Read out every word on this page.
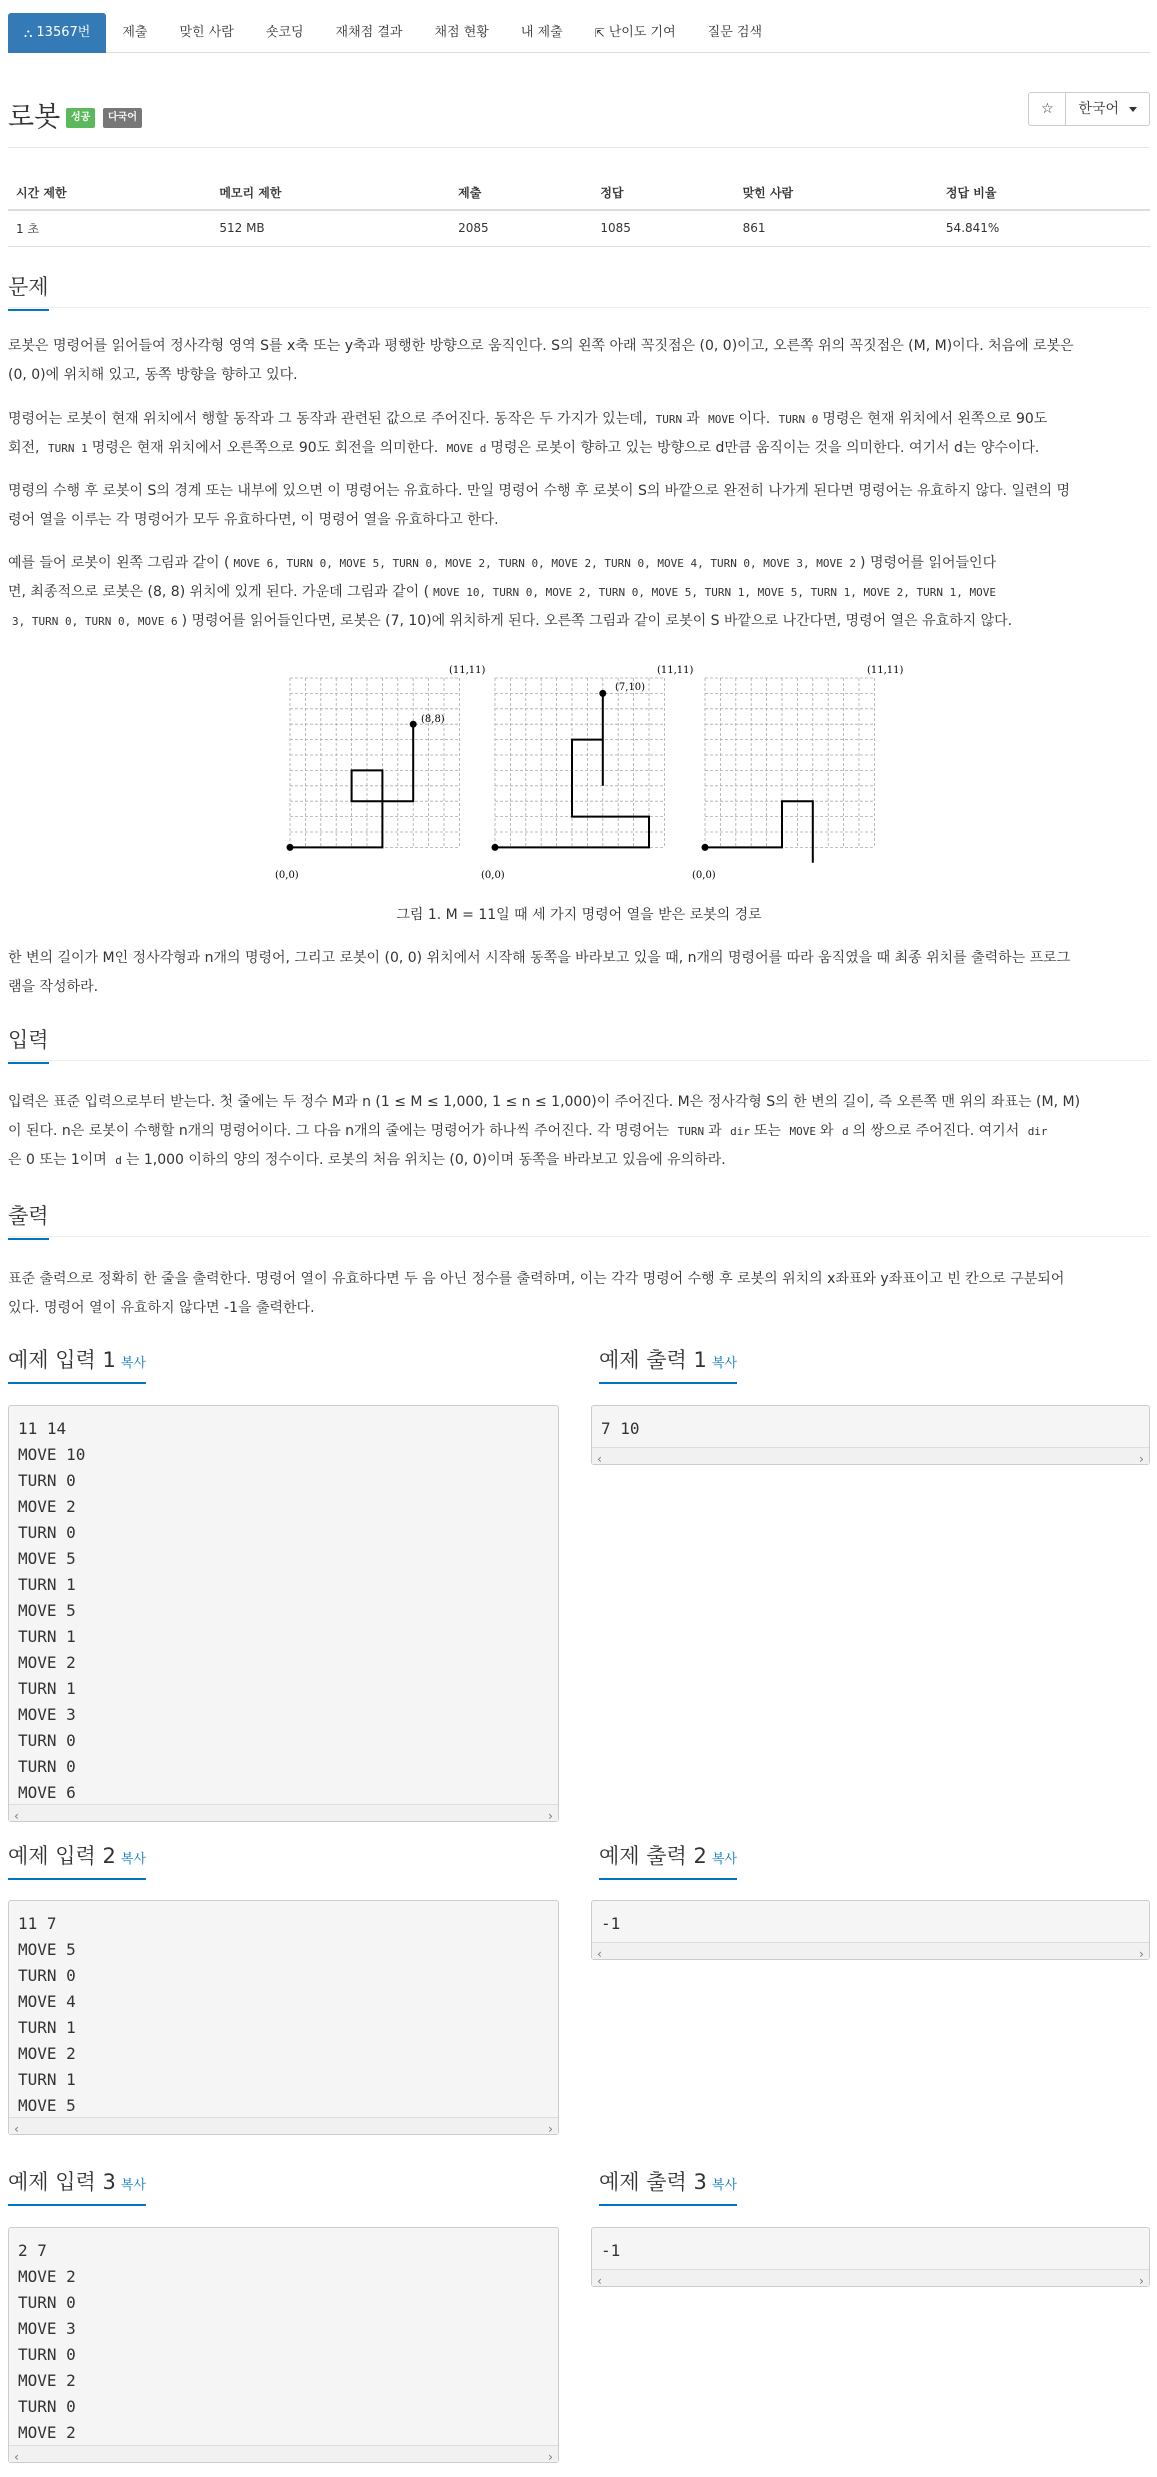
⛬ 13567번 제출 맞힌 사람 숏코딩 재채점 결과 채점 현황 내 제출	⇱ 난이도 기여 질문 검색
로봇	성공	다국어
☆	한국어
시간 제한	메모리 제한	제출	정답	맞힌 사람	정답 비율
1 초	512 MB	2085	1085	861	54.841%
문제
로봇은 명령어를 읽어들여 정사각형 영역 S를 x축 또는 y축과 평행한 방향으로 움직인다. S의 왼쪽 아래 꼭짓점은 (0, 0)이고, 오른쪽 위의 꼭짓점은 (M, M)이다. 처음에 로봇은
(0, 0)에 위치해 있고, 동쪽 방향을 향하고 있다.
명령어는 로봇이 현재 위치에서 행할 동작과 그 동작과 관련된 값으로 주어진다. 동작은 두 가지가 있는데, TURN 과 MOVE 이다. TURN 0 명령은 현재 위치에서 왼쪽으로 90도
회전, TURN 1 명령은 현재 위치에서 오른쪽으로 90도 회전을 의미한다. MOVE d 명령은 로봇이 향하고 있는 방향으로 d만큼 움직이는 것을 의미한다. 여기서 d는 양수이다.
명령의 수행 후 로봇이 S의 경계 또는 내부에 있으면 이 명령어는 유효하다. 만일 명령어 수행 후 로봇이 S의 바깥으로 완전히 나가게 된다면 명령어는 유효하지 않다. 일련의 명
령어 열을 이루는 각 명령어가 모두 유효하다면, 이 명령어 열을 유효하다고 한다.
예를 들어 로봇이 왼쪽 그림과 같이 ( MOVE 6, TURN 0, MOVE 5, TURN 0, MOVE 2, TURN 0, MOVE 2, TURN 0, MOVE 4, TURN 0, MOVE 3, MOVE 2 ) 명령어를 읽어들인다
면, 최종적으로 로봇은 (8, 8) 위치에 있게 된다. 가운데 그림과 같이 ( MOVE 10, TURN 0, MOVE 2, TURN 0, MOVE 5, TURN 1, MOVE 5, TURN 1, MOVE 2, TURN 1, MOVE
3, TURN 0, TURN 0, MOVE 6 ) 명령어를 읽어들인다면, 로봇은 (7, 10)에 위치하게 된다. 오른쪽 그림과 같이 로봇이 S 바깥으로 나간다면, 명령어 열은 유효하지 않다.
(11,11)	(11,11)	(11,11)
(0,0)	(0,0)	(0,0)
(8,8)
(7,10)
그림 1. M = 11일 때 세 가지 명령어 열을 받은 로봇의 경로
한 변의 길이가 M인 정사각형과 n개의 명령어, 그리고 로봇이 (0, 0) 위치에서 시작해 동쪽을 바라보고 있을 때, n개의 명령어를 따라 움직였을 때 최종 위치를 출력하는 프로그
램을 작성하라.
입력
입력은 표준 입력으로부터 받는다. 첫 줄에는 두 정수 M과 n (1 ≤ M ≤ 1,000, 1 ≤ n ≤ 1,000)이 주어진다. M은 정사각형 S의 한 변의 길이, 즉 오른쪽 맨 위의 좌표는 (M, M)
이 된다. n은 로봇이 수행할 n개의 명령어이다. 그 다음 n개의 줄에는 명령어가 하나씩 주어진다. 각 명령어는 TURN 과 dir 또는 MOVE 와 d 의 쌍으로 주어진다. 여기서 dir
은 0 또는 1이며 d 는 1,000 이하의 양의 정수이다. 로봇의 처음 위치는 (0, 0)이며 동쪽을 바라보고 있음에 유의하라.
출력
표준 출력으로 정확히 한 줄을 출력한다. 명령어 열이 유효하다면 두 음 아닌 정수를 출력하며, 이는 각각 명령어 수행 후 로봇의 위치의 x좌표와 y좌표이고 빈 칸으로 구분되어
있다. 명령어 열이 유효하지 않다면 -1을 출력한다.
예제 입력 1 복사	예제 출력 1 복사
11 14
MOVE 10
TURN 0
MOVE 2
TURN 0
MOVE 5
TURN 1
MOVE 5
TURN 1
MOVE 2
TURN 1
MOVE 3
TURN 0
TURN 0
MOVE 6
‹ ›
7 10
‹ ›
예제 입력 2 복사	예제 출력 2 복사
11 7
MOVE 5
TURN 0
MOVE 4
TURN 1
MOVE 2
TURN 1
MOVE 5
‹ ›
-1
‹ ›
예제 입력 3 복사	예제 출력 3 복사
2 7
MOVE 2
TURN 0
MOVE 3
TURN 0
MOVE 2
TURN 0
MOVE 2
‹ ›
-1
‹ ›
